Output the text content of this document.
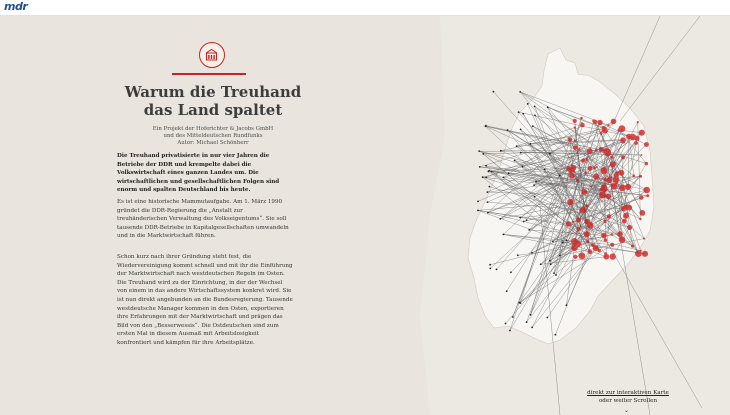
mdr
Warum die Treuhand das Land spaltet
Ein Projekt der Hoferichter & Jacobs GmbH
und des Mitteldeutschen Rundfunks
Autor: Michael Schönherr

Die Treuhand privatisierte in nur vier Jahren die Betriebe der DDR und krempelte dabei die Volkswirtschaft eines ganzen Landes um. Die wirtschaftlichen und gesellschaftlichen Folgen sind enorm und spalten Deutschland bis heute.

Es ist eine historische Mammutaufgabe. Am 1. März 1990 gründet die DDR-Regierung die „Anstalt zur treuhänderischen Verwaltung des Volkseigentums“. Sie soll tausende DDR-Betriebe in Kapitalgesellschaften umwandeln und in die Marktwirtschaft führen.

Schon kurz nach ihrer Gründung steht fest, die Wiedervereinigung kommt schnell und mit ihr die Einführung der Marktwirtschaft nach westdeutschen Regeln im Osten. Die Treuhand wird zu der Einrichtung, in der der Wechsel von einem in das andere Wirtschaftssystem konkret wird. Sie ist nun direkt angebunden an die Bundesregierung. Tausende westdeutsche Manager kommen in den Osten, exportieren ihre Erfahrungen mit der Marktwirtschaft und prägen das Bild von den „Besserwessis“. Die Ostdeutschen sind zum ersten Mal in diesem Ausmaß mit Arbeitslosigkeit konfrontiert und kämpfen für ihre Arbeitsplätze.

direkt zur interaktiven Karte
oder weiter Scrollen
⌄
